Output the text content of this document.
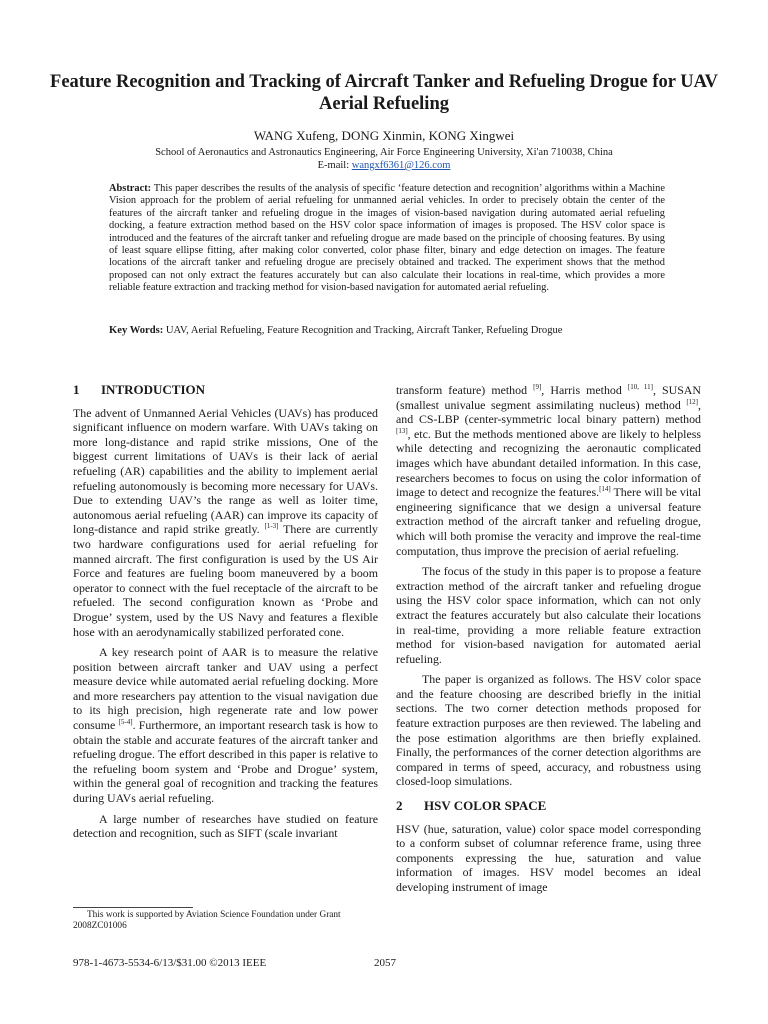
Feature Recognition and Tracking of Aircraft Tanker and Refueling Drogue for UAV Aerial Refueling

WANG Xufeng, DONG Xinmin, KONG Xingwei

School of Aeronautics and Astronautics Engineering, Air Force Engineering University, Xi'an 710038, China

E-mail: wangxf6361@126.com

Abstract: This paper describes the results of the analysis of specific ‘feature detection and recognition’ algorithms within a Machine Vision approach for the problem of aerial refueling for unmanned aerial vehicles. In order to precisely obtain the center of the features of the aircraft tanker and refueling drogue in the images of vision-based navigation during automated aerial refueling docking, a feature extraction method based on the HSV color space information of images is proposed. The HSV color space is introduced and the features of the aircraft tanker and refueling drogue are made based on the principle of choosing features. By using of least square ellipse fitting, after making color converted, color phase filter, binary and edge detection on images. The feature locations of the aircraft tanker and refueling drogue are precisely obtained and tracked. The experiment shows that the method proposed can not only extract the features accurately but can also calculate their locations in real-time, which provides a more reliable feature extraction and tracking method for vision-based navigation for automated aerial refueling.

Key Words: UAV, Aerial Refueling, Feature Recognition and Tracking, Aircraft Tanker, Refueling Drogue

1 INTRODUCTION

The advent of Unmanned Aerial Vehicles (UAVs) has produced significant influence on modern warfare. With UAVs taking on more long-distance and rapid strike missions, One of the biggest current limitations of UAVs is their lack of aerial refueling (AR) capabilities and the ability to implement aerial refueling autonomously is becoming more necessary for UAVs. Due to extending UAV’s the range as well as loiter time, autonomous aerial refueling (AAR) can improve its capacity of long-distance and rapid strike greatly. [1-3] There are currently two hardware configurations used for aerial refueling for manned aircraft. The first configuration is used by the US Air Force and features are fueling boom maneuvered by a boom operator to connect with the fuel receptacle of the aircraft to be refueled. The second configuration known as ‘Probe and Drogue’ system, used by the US Navy and features a flexible hose with an aerodynamically stabilized perforated cone.

A key research point of AAR is to measure the relative position between aircraft tanker and UAV using a perfect measure device while automated aerial refueling docking. More and more researchers pay attention to the visual navigation due to its high precision, high regenerate rate and low power consume [5-4]. Furthermore, an important research task is how to obtain the stable and accurate features of the aircraft tanker and refueling drogue. The effort described in this paper is relative to the refueling boom system and ‘Probe and Drogue’ system, within the general goal of recognition and tracking the features during UAVs aerial refueling.

A large number of researches have studied on feature detection and recognition, such as SIFT (scale invariant

transform feature) method [9], Harris method [10, 11], SUSAN (smallest univalue segment assimilating nucleus) method [12], and CS-LBP (center-symmetric local binary pattern) method [13], etc. But the methods mentioned above are likely to helpless while detecting and recognizing the aeronautic complicated images which have abundant detailed information. In this case, researchers becomes to focus on using the color information of image to detect and recognize the features.[14] There will be vital engineering significance that we design a universal feature extraction method of the aircraft tanker and refueling drogue, which will both promise the veracity and improve the real-time computation, thus improve the precision of aerial refueling.

The focus of the study in this paper is to propose a feature extraction method of the aircraft tanker and refueling drogue using the HSV color space information, which can not only extract the features accurately but also calculate their locations in real-time, providing a more reliable feature extraction method for vision-based navigation for automated aerial refueling.

The paper is organized as follows. The HSV color space and the feature choosing are described briefly in the initial sections. The two corner detection methods proposed for feature extraction purposes are then reviewed. The labeling and the pose estimation algorithms are then briefly explained. Finally, the performances of the corner detection algorithms are compared in terms of speed, accuracy, and robustness using closed-loop simulations.

2 HSV COLOR SPACE

HSV (hue, saturation, value) color space model corresponding to a conform subset of columnar reference frame, using three components expressing the hue, saturation and value information of images. HSV model becomes an ideal developing instrument of image

This work is supported by Aviation Science Foundation under Grant 2008ZC01006

978-1-4673-5534-6/13/$31.00 ©2013 IEEE	2057
